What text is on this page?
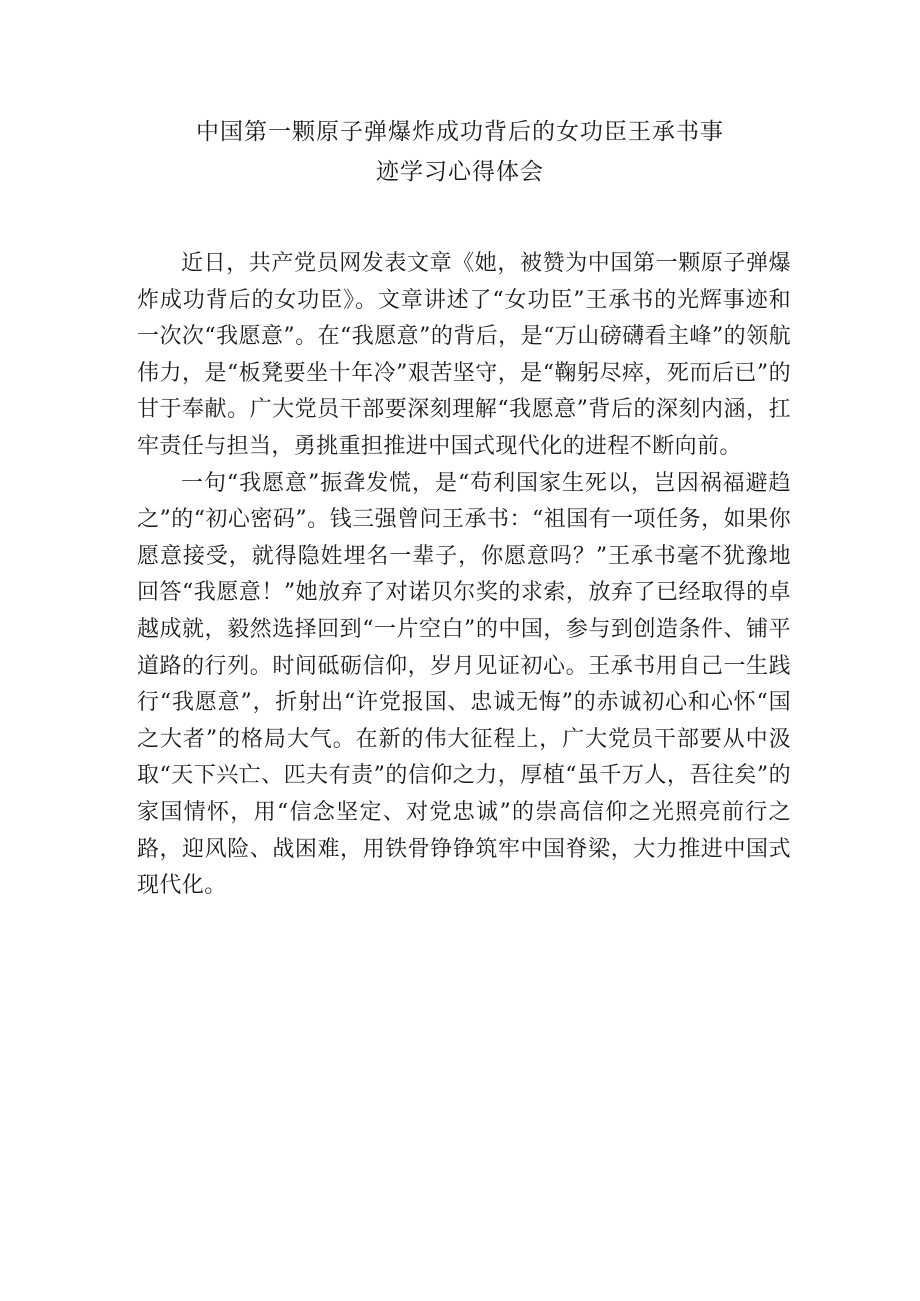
中国第一颗原子弹爆炸成功背后的女功臣王承书事
迹学习心得体会

近日，共产党员网发表文章《她，被赞为中国第一颗原子弹爆炸成功背后的女功臣》。文章讲述了“女功臣”王承书的光辉事迹和一次次“我愿意”。在“我愿意”的背后，是“万山磅礴看主峰”的领航伟力，是“板凳要坐十年冷”艰苦坚守，是“鞠躬尽瘁，死而后已”的甘于奉献。广大党员干部要深刻理解“我愿意”背后的深刻内涵，扛牢责任与担当，勇挑重担推进中国式现代化的进程不断向前。

一句“我愿意”振聋发慌，是“苟利国家生死以，岂因祸福避趋之”的“初心密码”。钱三强曾问王承书：“祖国有一项任务，如果你愿意接受，就得隐姓埋名一辈子，你愿意吗？”王承书毫不犹豫地回答“我愿意！”她放弃了对诺贝尔奖的求索，放弃了已经取得的卓越成就，毅然选择回到“一片空白”的中国，参与到创造条件、铺平道路的行列。时间砥砺信仰，岁月见证初心。王承书用自己一生践行“我愿意”，折射出“许党报国、忠诚无悔”的赤诚初心和心怀“国之大者”的格局大气。在新的伟大征程上，广大党员干部要从中汲取“天下兴亡、匹夫有责”的信仰之力，厚植“虽千万人，吾往矣”的家国情怀，用“信念坚定、对党忠诚”的崇高信仰之光照亮前行之路，迎风险、战困难，用铁骨铮铮筑牢中国脊梁，大力推进中国式现代化。
